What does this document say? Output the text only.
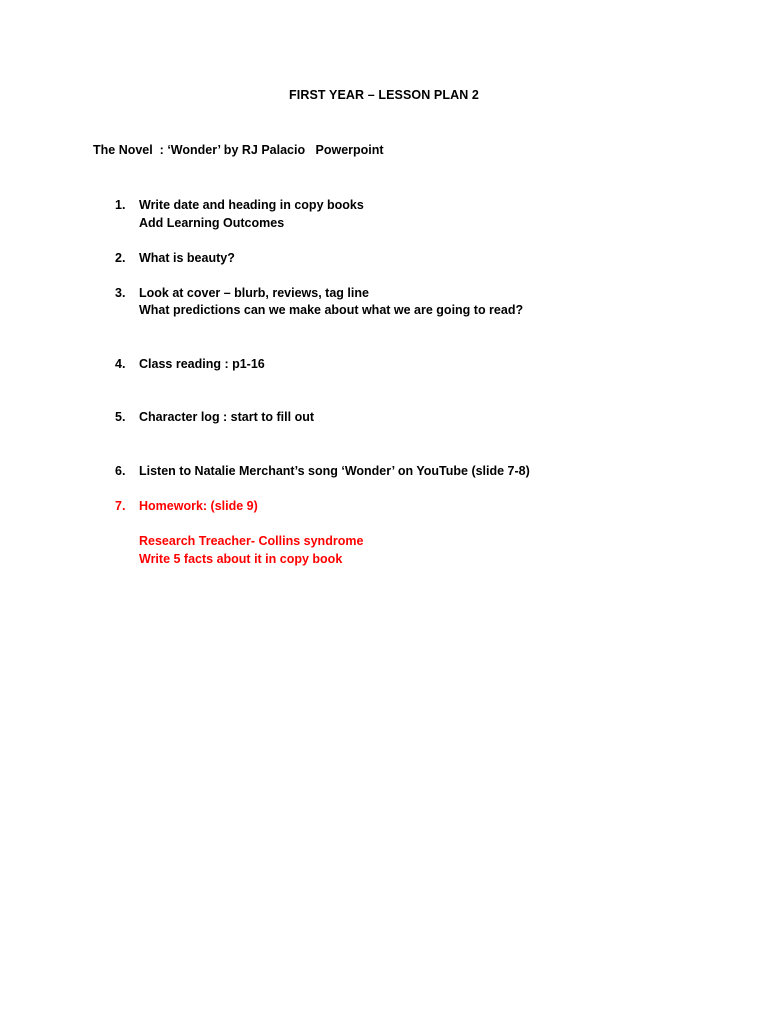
FIRST YEAR – LESSON PLAN 2
The Novel  : ‘Wonder’ by RJ Palacio   Powerpoint
1.	Write date and heading in copy books
Add Learning Outcomes
2.	What is beauty?
3.	Look at cover – blurb, reviews, tag line
What predictions can we make about what we are going to read?
4.	Class reading : p1-16
5.	Character log : start to fill out
6.	Listen to Natalie Merchant’s song ‘Wonder’ on YouTube (slide 7-8)
7.	Homework: (slide 9)
Research Treacher- Collins syndrome
Write 5 facts about it in copy book
